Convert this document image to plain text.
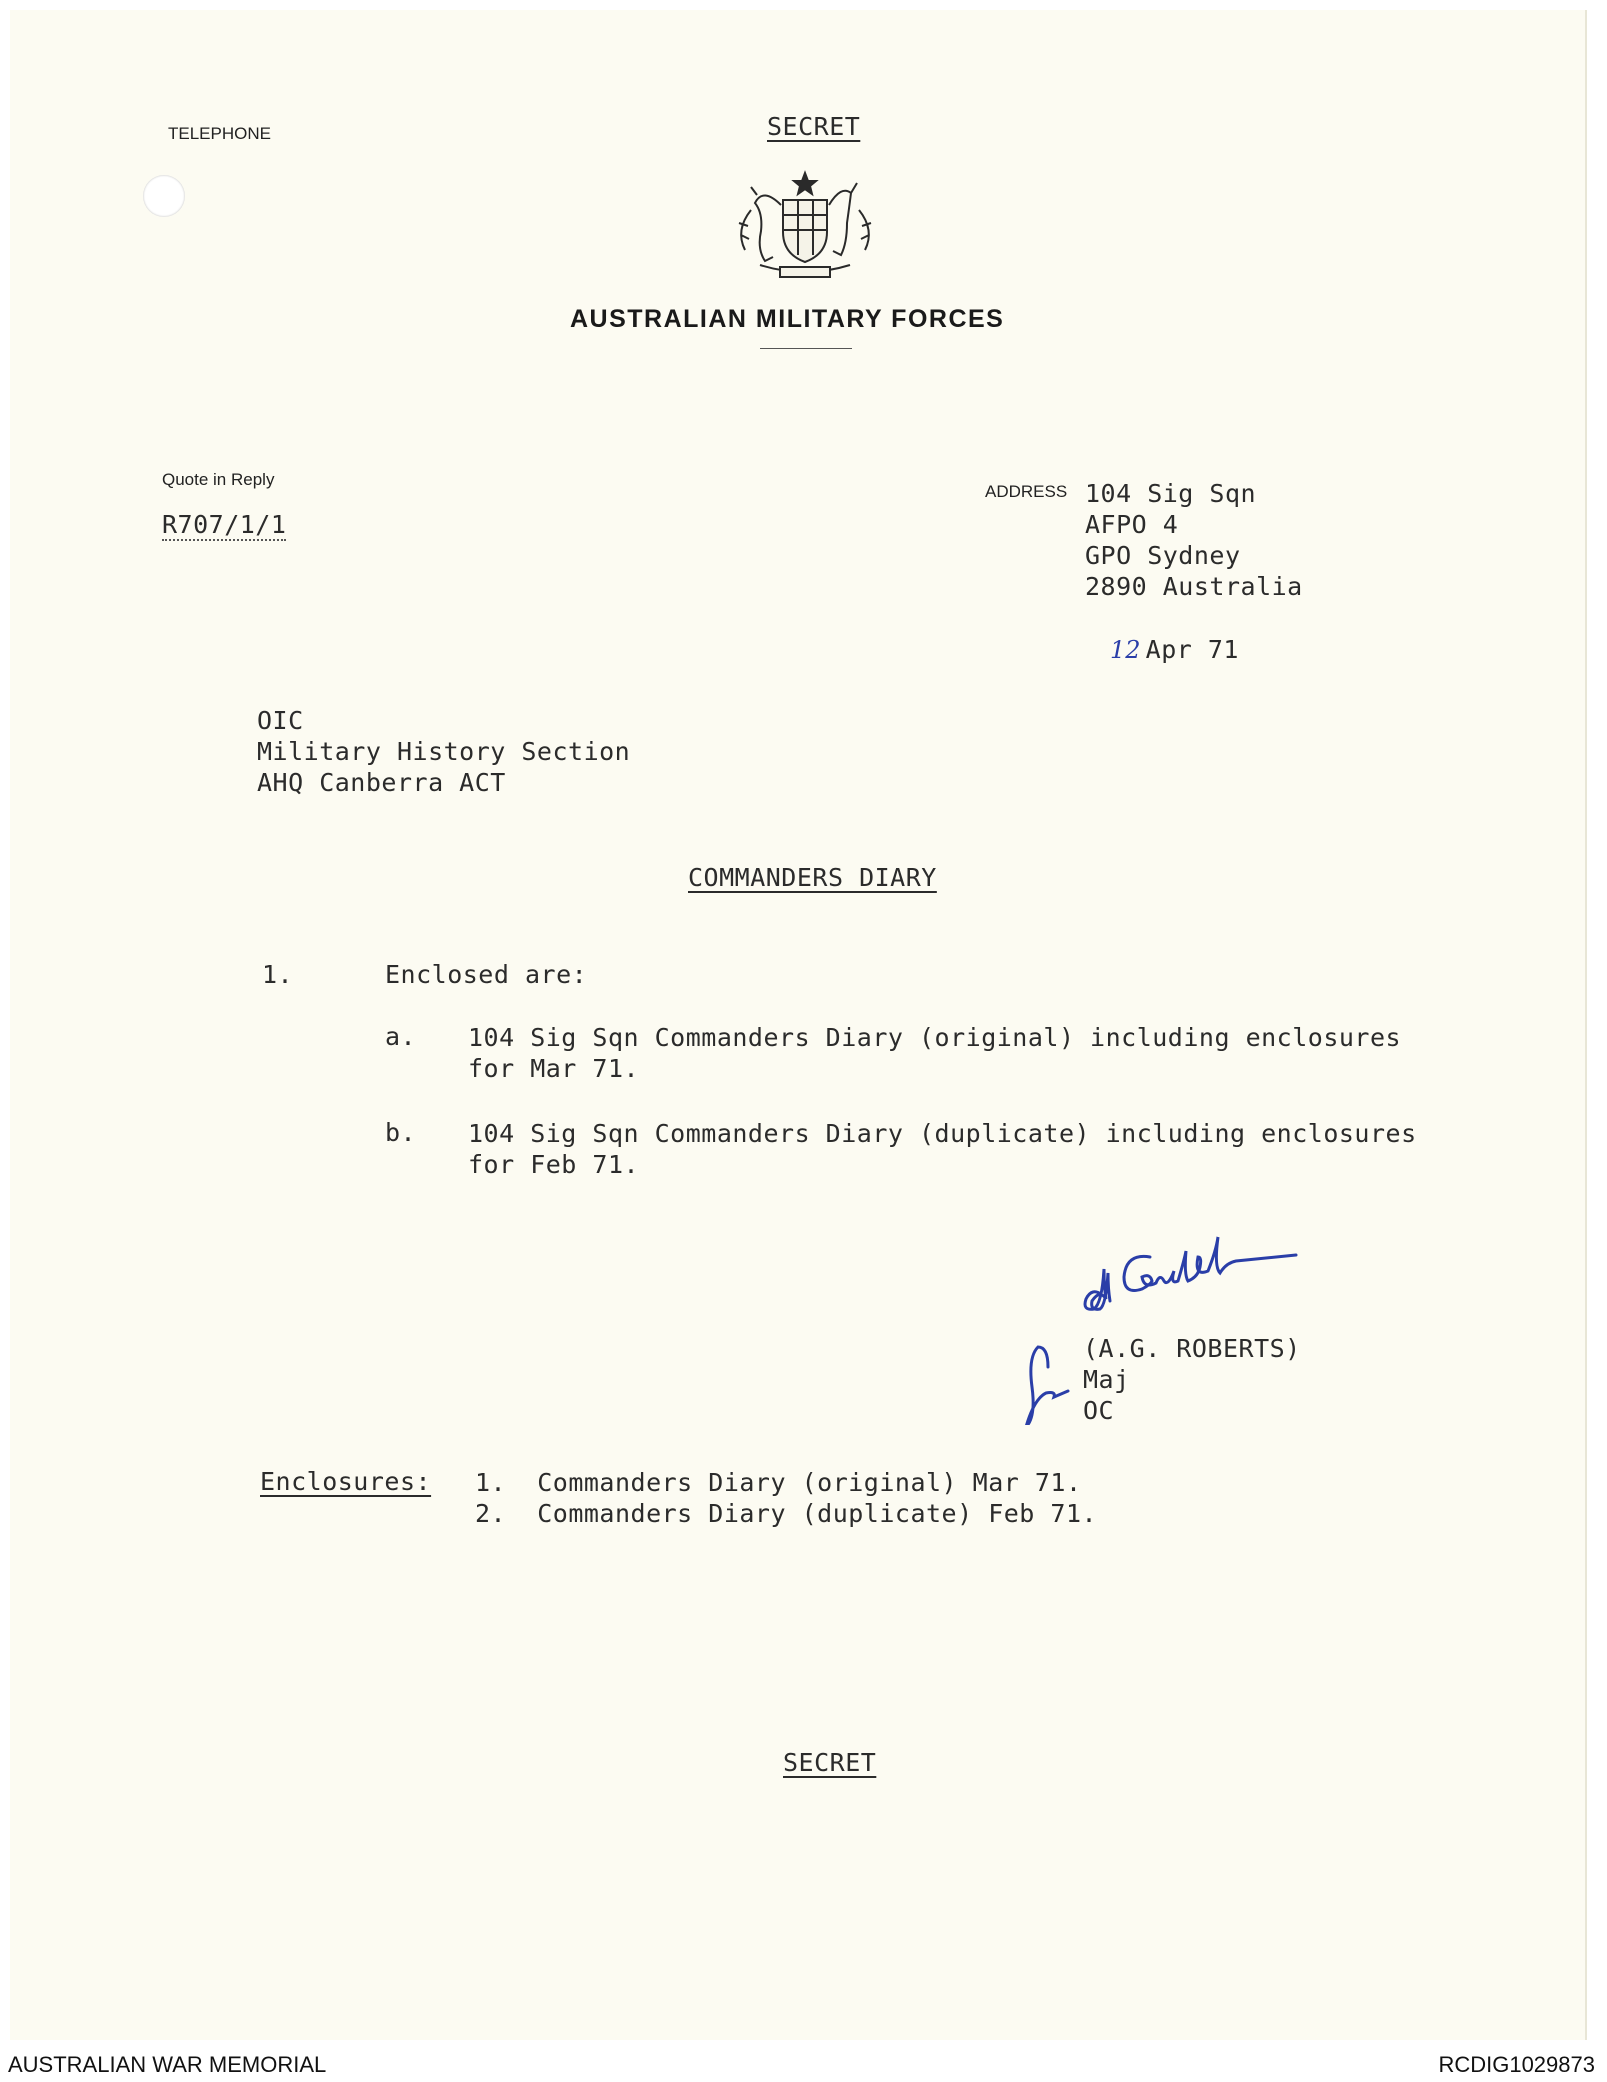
TELEPHONE	SECRET
AUSTRALIAN MILITARY FORCES
Quote in Reply
R707/1/1
ADDRESS 104 Sig Sqn
AFPO 4
GPO Sydney
2890 Australia
12 Apr 71
OIC
Military History Section
AHQ Canberra ACT
COMMANDERS DIARY
1.	Enclosed are:
a. 104 Sig Sqn Commanders Diary (original) including enclosures
for Mar 71.
b. 104 Sig Sqn Commanders Diary (duplicate) including enclosures
for Feb 71.
(A.G. ROBERTS)
Maj
OC
Enclosures: 1. Commanders Diary (original) Mar 71.
2. Commanders Diary (duplicate) Feb 71.
SECRET
AUSTRALIAN WAR MEMORIAL	RCDIG1029873
